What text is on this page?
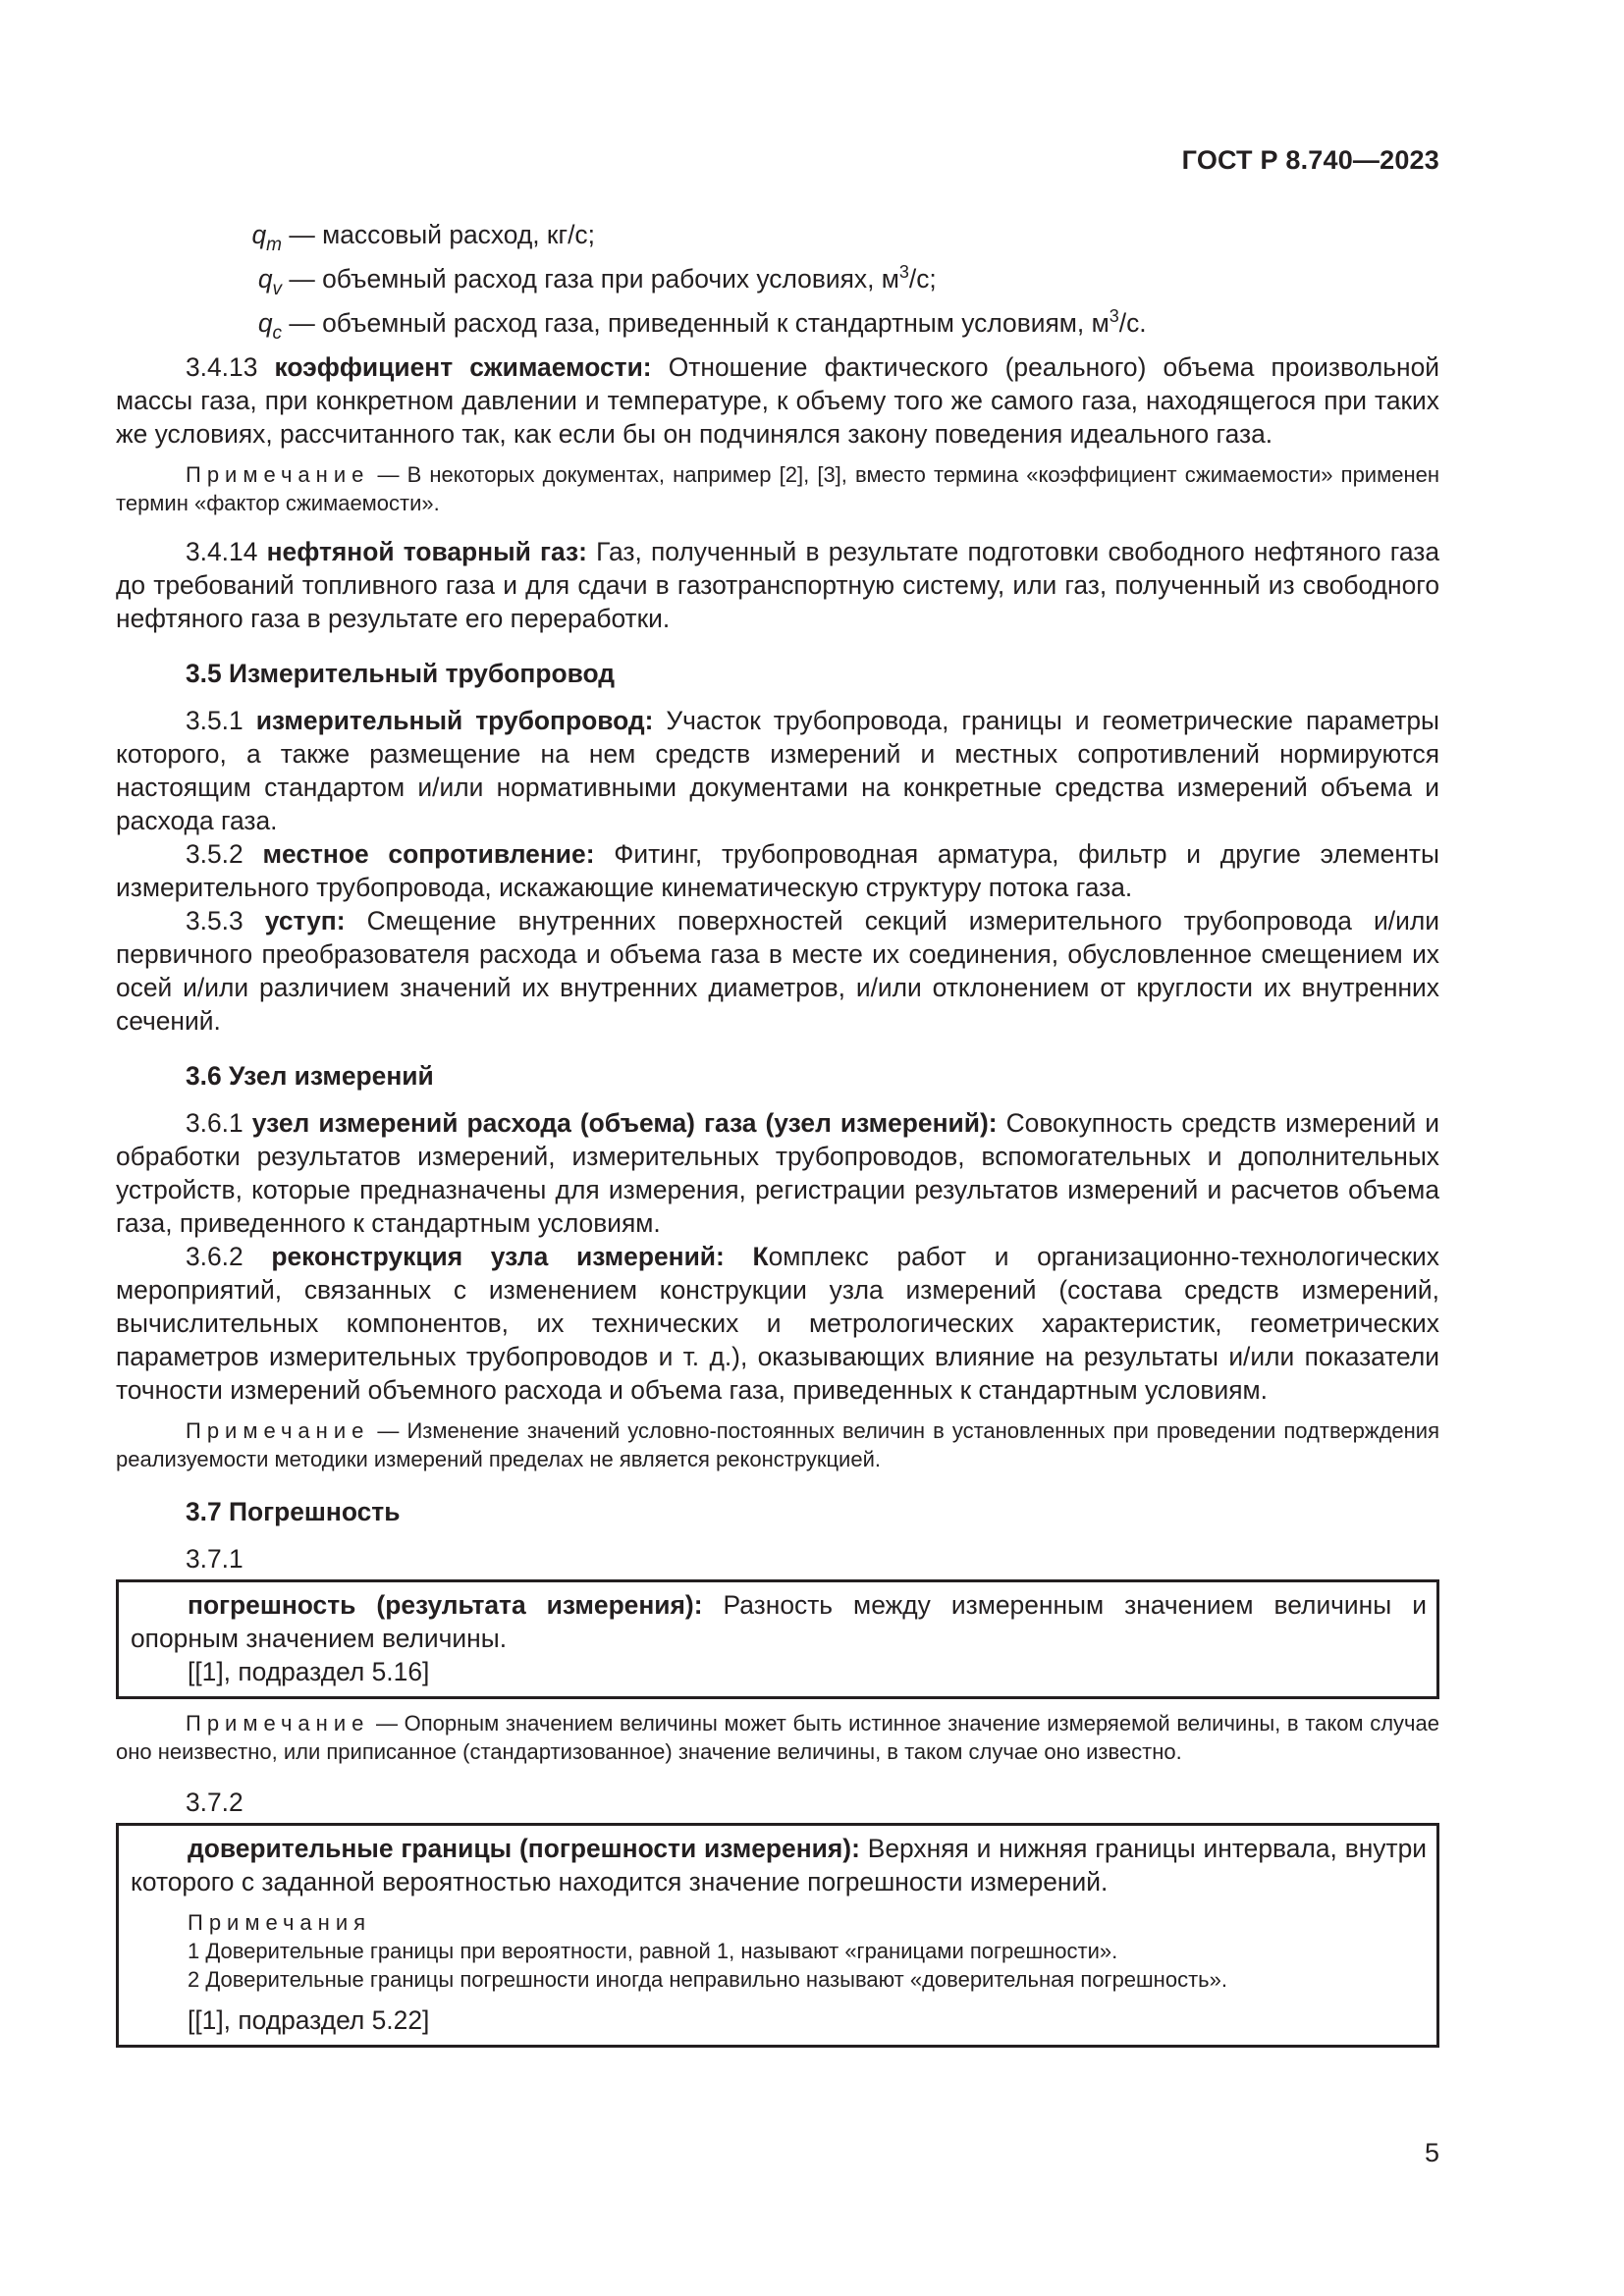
ГОСТ Р 8.740—2023

$q_m$ — массовый расход, кг/с;

$q_v$ — объемный расход газа при рабочих условиях, $м^3/с$;

$q_с$ — объемный расход газа, приведенный к стандартным условиям, $м^3/с$.

3.4.13 коэффициент сжимаемости: Отношение фактического (реального) объема произвольной массы газа, при конкретном давлении и температуре, к объему того же самого газа, находящегося при таких же условиях, рассчитанного так, как если бы он подчинялся закону поведения идеального газа.

Примечание — В некоторых документах, например [2], [3], вместо термина «коэффициент сжимаемости» применен термин «фактор сжимаемости».

3.4.14 нефтяной товарный газ: Газ, полученный в результате подготовки свободного нефтяного газа до требований топливного газа и для сдачи в газотранспортную систему, или газ, полученный из свободного нефтяного газа в результате его переработки.

3.5 Измерительный трубопровод

3.5.1 измерительный трубопровод: Участок трубопровода, границы и геометрические параметры которого, а также размещение на нем средств измерений и местных сопротивлений нормируются настоящим стандартом и/или нормативными документами на конкретные средства измерений объема и расхода газа.

3.5.2 местное сопротивление: Фитинг, трубопроводная арматура, фильтр и другие элементы измерительного трубопровода, искажающие кинематическую структуру потока газа.

3.5.3 уступ: Смещение внутренних поверхностей секций измерительного трубопровода и/или первичного преобразователя расхода и объема газа в месте их соединения, обусловленное смещением их осей и/или различием значений их внутренних диаметров, и/или отклонением от круглости их внутренних сечений.

3.6 Узел измерений

3.6.1 узел измерений расхода (объема) газа (узел измерений): Совокупность средств измерений и обработки результатов измерений, измерительных трубопроводов, вспомогательных и дополнительных устройств, которые предназначены для измерения, регистрации результатов измерений и расчетов объема газа, приведенного к стандартным условиям.

3.6.2 реконструкция узла измерений: Комплекс работ и организационно-технологических мероприятий, связанных с изменением конструкции узла измерений (состава средств измерений, вычислительных компонентов, их технических и метрологических характеристик, геометрических параметров измерительных трубопроводов и т. д.), оказывающих влияние на результаты и/или показатели точности измерений объемного расхода и объема газа, приведенных к стандартным условиям.

Примечание — Изменение значений условно-постоянных величин в установленных при проведении подтверждения реализуемости методики измерений пределах не является реконструкцией.

3.7 Погрешность

3.7.1

погрешность (результата измерения): Разность между измеренным значением величины и опорным значением величины.

[[1], подраздел 5.16]

Примечание — Опорным значением величины может быть истинное значение измеряемой величины, в таком случае оно неизвестно, или приписанное (стандартизованное) значение величины, в таком случае оно известно.

3.7.2

доверительные границы (погрешности измерения): Верхняя и нижняя границы интервала, внутри которого с заданной вероятностью находится значение погрешности измерений.

Примечания

1 Доверительные границы при вероятности, равной 1, называют «границами погрешности».

2 Доверительные границы погрешности иногда неправильно называют «доверительная погрешность».

[[1], подраздел 5.22]

5
